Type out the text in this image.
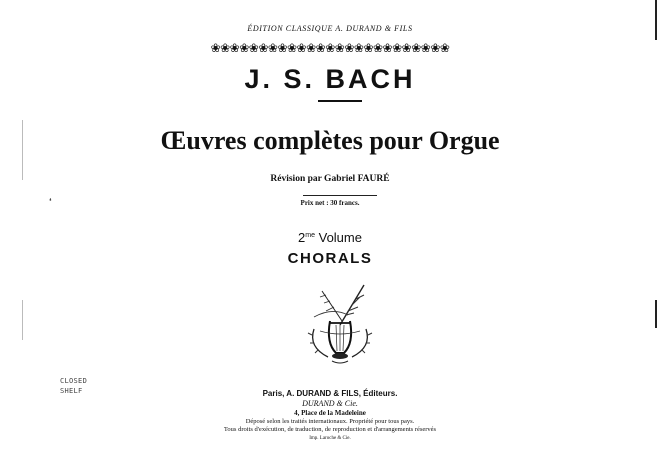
ÉDITION CLASSIQUE A. DURAND & FILS
❀❀❀❀❀❀❀❀❀❀❀❀❀❀❀❀❀❀❀❀❀❀❀❀❀
J. S. BACH
Œuvres complètes pour Orgue
Révision par Gabriel FAURÉ
Prix net : 30 francs.
$2^{me}$ Volume
CHORALS
Paris, A. DURAND & FILS, Éditeurs.
DURAND & Cie.
4, Place de la Madeleine
Déposé selon les traités internationaux. Propriété pour tous pays.
Tous droits d'exécution, de traduction, de reproduction et d'arrangements réservés
Imp. Laroche & Cie.
CLOSED
SHELF
❛
